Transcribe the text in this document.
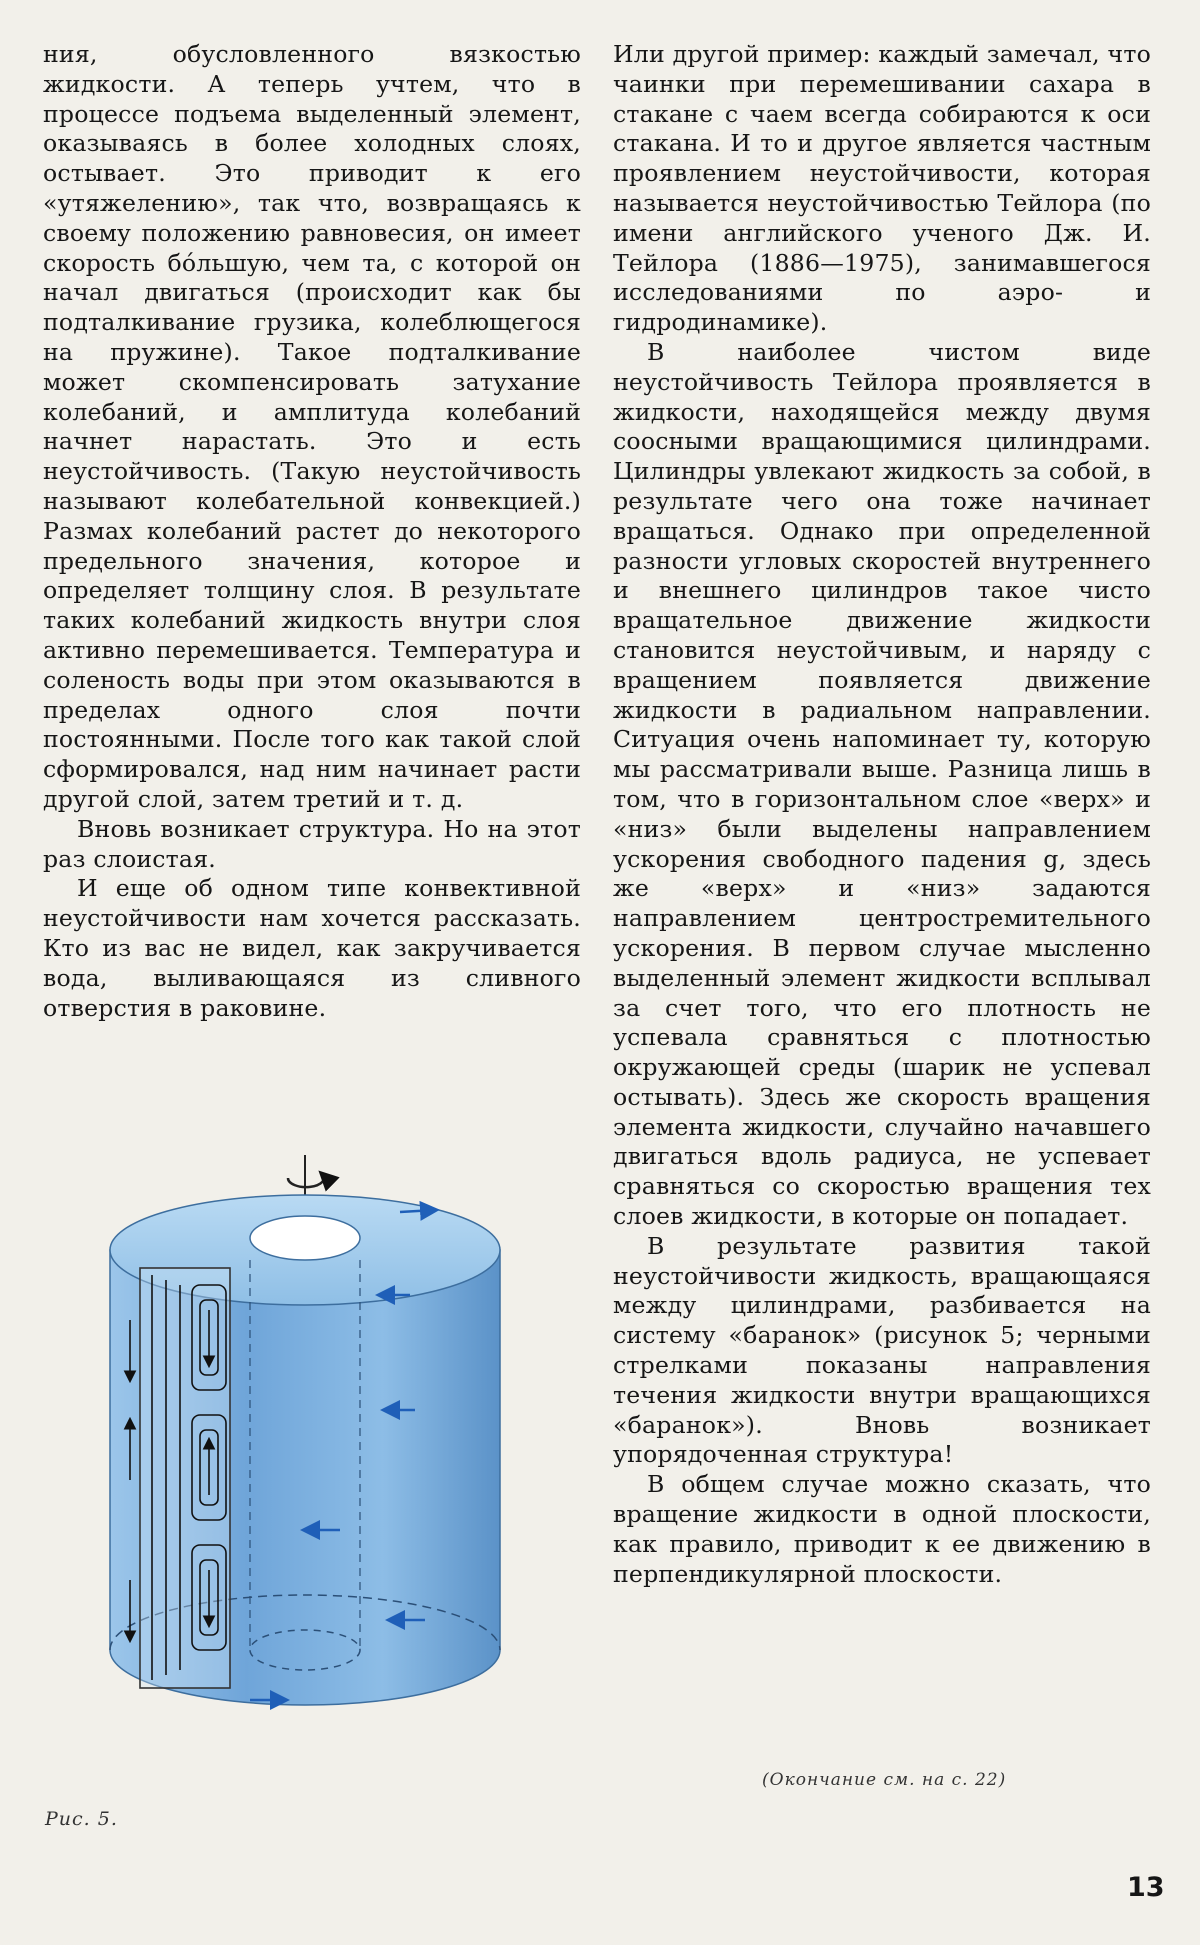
ния, обусловленного вязкостью жидкости. А теперь учтем, что в процессе подъема выделенный элемент, оказываясь в более холодных слоях, остывает. Это приводит к его «утяжелению», так что, возвращаясь к своему положению равновесия, он имеет скорость бо́льшую, чем та, с которой он начал двигаться (происходит как бы подталкивание грузика, колеблющегося на пружине). Такое подталкивание может скомпенсировать затухание колебаний, и амплитуда колебаний начнет нарастать. Это и есть неустойчивость. (Такую неустойчивость называют колебательной конвекцией.) Размах колебаний растет до некоторого предельного значения, которое и определяет толщину слоя. В результате таких колебаний жидкость внутри слоя активно перемешивается. Температура и соленость воды при этом оказываются в пределах одного слоя почти постоянными. После того как такой слой сформировался, над ним начинает расти другой слой, затем третий и т. д.

Вновь возникает структура. Но на этот раз слоистая.

И еще об одном типе конвективной неустойчивости нам хочется рассказать. Кто из вас не видел, как закручивается вода, выливающаяся из сливного отверстия в раковине.

Или другой пример: каждый замечал, что чаинки при перемешивании сахара в стакане с чаем всегда собираются к оси стакана. И то и другое является частным проявлением неустойчивости, которая называется неустойчивостью Тейлора (по имени английского ученого Дж. И. Тейлора (1886—1975), занимавшегося исследованиями по аэро- и гидродинамике).

В наиболее чистом виде неустойчивость Тейлора проявляется в жидкости, находящейся между двумя соосными вращающимися цилиндрами. Цилиндры увлекают жидкость за собой, в результате чего она тоже начинает вращаться. Однако при определенной разности угловых скоростей внутреннего и внешнего цилиндров такое чисто вращательное движение жидкости становится неустойчивым, и наряду с вращением появляется движение жидкости в радиальном направлении. Ситуация очень напоминает ту, которую мы рассматривали выше. Разница лишь в том, что в горизонтальном слое «верх» и «низ» были выделены направлением ускорения свободного падения g, здесь же «верх» и «низ» задаются направлением центростремительного ускорения. В первом случае мысленно выделенный элемент жидкости всплывал за счет того, что его плотность не успевала сравняться с плотностью окружающей среды (шарик не успевал остывать). Здесь же скорость вращения элемента жидкости, случайно начавшего двигаться вдоль радиуса, не успевает сравняться со скоростью вращения тех слоев жидкости, в которые он попадает.

В результате развития такой неустойчивости жидкость, вращающаяся между цилиндрами, разбивается на систему «баранок» (рисунок 5; черными стрелками показаны направления течения жидкости внутри вращающихся «баранок»). Вновь возникает упорядоченная структура!

В общем случае можно сказать, что вращение жидкости в одной плоскости, как правило, приводит к ее движению в перпендикулярной плоскости.

Рис. 5.
(Окончание см. на с. 22)
13
